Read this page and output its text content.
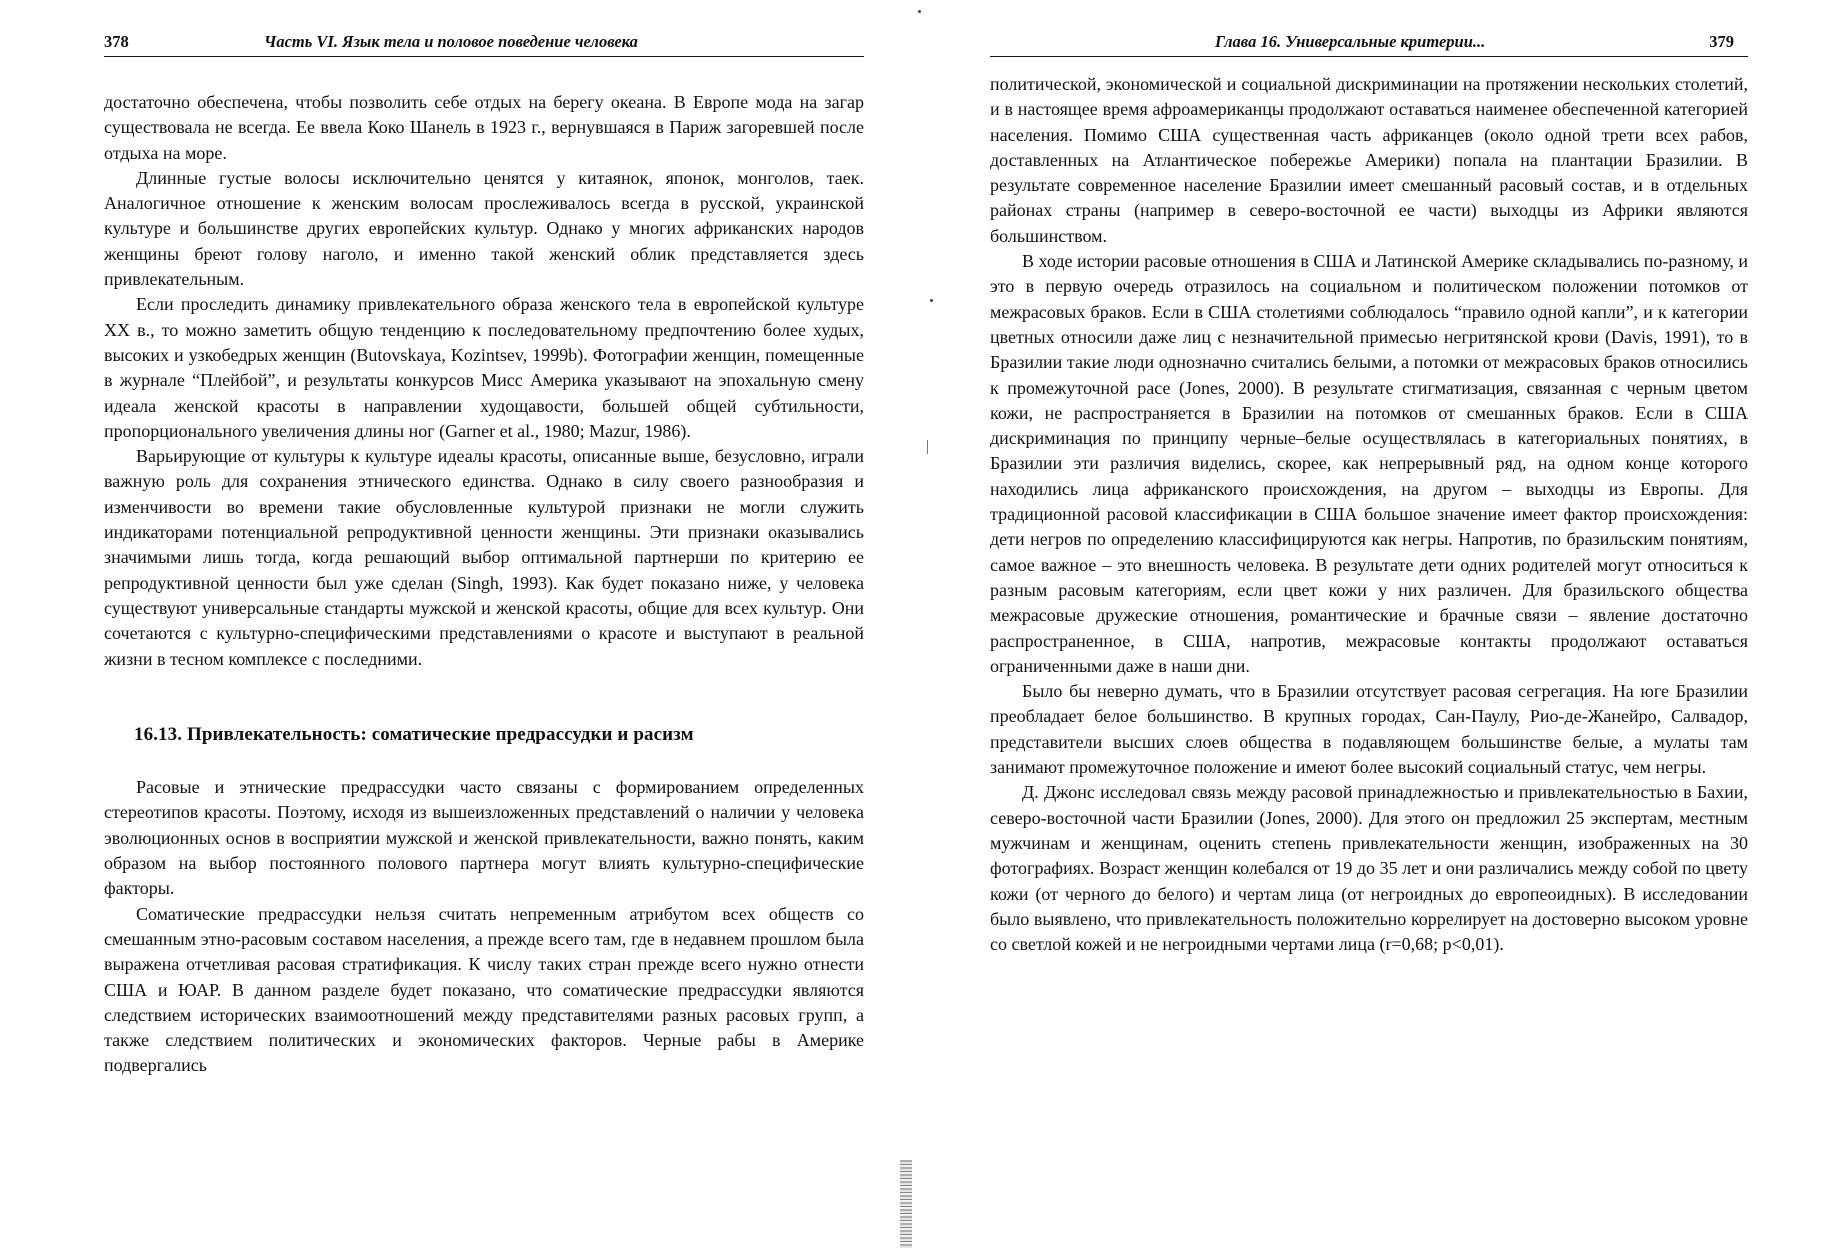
378	Часть VI. Язык тела и половое поведение человека

достаточно обеспечена, чтобы позволить себе отдых на берегу океана. В Европе мода на загар существовала не всегда. Ее ввела Коко Шанель в 1923 г., вернувшаяся в Париж загоревшей после отдыха на море.

Длинные густые волосы исключительно ценятся у китаянок, японок, монголов, таек. Аналогичное отношение к женским волосам прослеживалось всегда в русской, украинской культуре и большинстве других европейских культур. Однако у многих африканских народов женщины бреют голову наголо, и именно такой женский облик представляется здесь привлекательным.

Если проследить динамику привлекательного образа женского тела в европейской культуре XX в., то можно заметить общую тенденцию к последовательному предпочтению более худых, высоких и узкобедрых женщин (Butovskaya, Kozintsev, 1999b). Фотографии женщин, помещенные в журнале “Плейбой”, и результаты конкурсов Мисс Америка указывают на эпохальную смену идеала женской красоты в направлении худощавости, большей общей субтильности, пропорционального увеличения длины ног (Garner et al., 1980; Mazur, 1986).

Варьирующие от культуры к культуре идеалы красоты, описанные выше, безусловно, играли важную роль для сохранения этнического единства. Однако в силу своего разнообразия и изменчивости во времени такие обусловленные культурой признаки не могли служить индикаторами потенциальной репродуктивной ценности женщины. Эти признаки оказывались значимыми лишь тогда, когда решающий выбор оптимальной партнерши по критерию ее репродуктивной ценности был уже сделан (Singh, 1993). Как будет показано ниже, у человека существуют универсальные стандарты мужской и женской красоты, общие для всех культур. Они сочетаются с культурно-специфическими представлениями о красоте и выступают в реальной жизни в тесном комплексе с последними.

16.13. Привлекательность: соматические предрассудки и расизм

Расовые и этнические предрассудки часто связаны с формированием определенных стереотипов красоты. Поэтому, исходя из вышеизложенных представлений о наличии у человека эволюционных основ в восприятии мужской и женской привлекательности, важно понять, каким образом на выбор постоянного полового партнера могут влиять культурно-специфические факторы.

Соматические предрассудки нельзя считать непременным атрибутом всех обществ со смешанным этно-расовым составом населения, а прежде всего там, где в недавнем прошлом была выражена отчетливая расовая стратификация. К числу таких стран прежде всего нужно отнести США и ЮАР. В данном разделе будет показано, что соматические предрассудки являются следствием исторических взаимоотношений между представителями разных расовых групп, а также следствием политических и экономических факторов. Черные рабы в Америке подвергались

Глава 16. Универсальные критерии...	379

политической, экономической и социальной дискриминации на протяжении нескольких столетий, и в настоящее время афроамериканцы продолжают оставаться наименее обеспеченной категорией населения. Помимо США существенная часть африканцев (около одной трети всех рабов, доставленных на Атлантическое побережье Америки) попала на плантации Бразилии. В результате современное население Бразилии имеет смешанный расовый состав, и в отдельных районах страны (например в северо-восточной ее части) выходцы из Африки являются большинством.

В ходе истории расовые отношения в США и Латинской Америке складывались по-разному, и это в первую очередь отразилось на социальном и политическом положении потомков от межрасовых браков. Если в США столетиями соблюдалось “правило одной капли”, и к категории цветных относили даже лиц с незначительной примесью негритянской крови (Davis, 1991), то в Бразилии такие люди однозначно считались белыми, а потомки от межрасовых браков относились к промежуточной расе (Jones, 2000). В результате стигматизация, связанная с черным цветом кожи, не распространяется в Бразилии на потомков от смешанных браков. Если в США дискриминация по принципу черные–белые осуществлялась в категориальных понятиях, в Бразилии эти различия виделись, скорее, как непрерывный ряд, на одном конце которого находились лица африканского происхождения, на другом – выходцы из Европы. Для традиционной расовой классификации в США большое значение имеет фактор происхождения: дети негров по определению классифицируются как негры. Напротив, по бразильским понятиям, самое важное – это внешность человека. В результате дети одних родителей могут относиться к разным расовым категориям, если цвет кожи у них различен. Для бразильского общества межрасовые дружеские отношения, романтические и брачные связи – явление достаточно распространенное, в США, напротив, межрасовые контакты продолжают оставаться ограниченными даже в наши дни.

Было бы неверно думать, что в Бразилии отсутствует расовая сегрегация. На юге Бразилии преобладает белое большинство. В крупных городах, Сан-Паулу, Рио-де-Жанейро, Салвадор, представители высших слоев общества в подавляющем большинстве белые, а мулаты там занимают промежуточное положение и имеют более высокий социальный статус, чем негры.

Д. Джонс исследовал связь между расовой принадлежностью и привлекательностью в Бахии, северо-восточной части Бразилии (Jones, 2000). Для этого он предложил 25 экспертам, местным мужчинам и женщинам, оценить степень привлекательности женщин, изображенных на 30 фотографиях. Возраст женщин колебался от 19 до 35 лет и они различались между собой по цвету кожи (от черного до белого) и чертам лица (от негроидных до европеоидных). В исследовании было выявлено, что привлекательность положительно коррелирует на достоверно высоком уровне со светлой кожей и не негроидными чертами лица (r=0,68; p<0,01).
